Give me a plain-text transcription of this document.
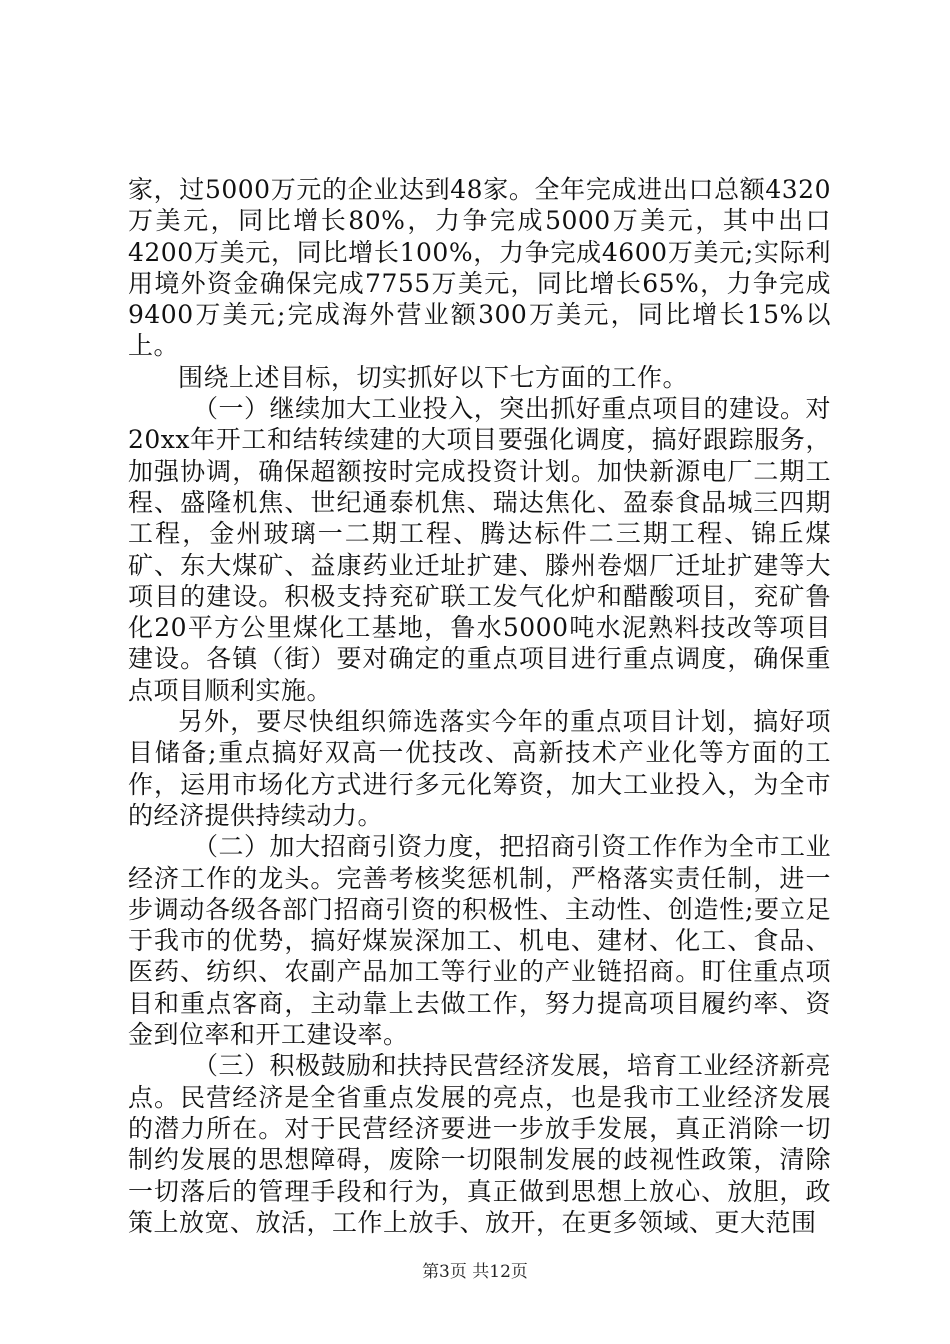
家，过5000万元的企业达到48家。全年完成进出口总额4320万美元，同比增长80%，力争完成5000万美元，其中出口4200万美元，同比增长100%，力争完成4600万美元;实际利用境外资金确保完成7755万美元，同比增长65%，力争完成9400万美元;完成海外营业额300万美元，同比增长15%以上。

围绕上述目标，切实抓好以下七方面的工作。

（一）继续加大工业投入，突出抓好重点项目的建设。对20xx年开工和结转续建的大项目要强化调度，搞好跟踪服务，加强协调，确保超额按时完成投资计划。加快新源电厂二期工程、盛隆机焦、世纪通泰机焦、瑞达焦化、盈泰食品城三四期工程，金州玻璃一二期工程、腾达标件二三期工程、锦丘煤矿、东大煤矿、益康药业迁址扩建、滕州卷烟厂迁址扩建等大项目的建设。积极支持兖矿联工发气化炉和醋酸项目，兖矿鲁化20平方公里煤化工基地，鲁水5000吨水泥熟料技改等项目建设。各镇（街）要对确定的重点项目进行重点调度，确保重点项目顺利实施。

另外，要尽快组织筛选落实今年的重点项目计划，搞好项目储备;重点搞好双高一优技改、高新技术产业化等方面的工作，运用市场化方式进行多元化筹资，加大工业投入，为全市的经济提供持续动力。

（二）加大招商引资力度，把招商引资工作作为全市工业经济工作的龙头。完善考核奖惩机制，严格落实责任制，进一步调动各级各部门招商引资的积极性、主动性、创造性;要立足于我市的优势，搞好煤炭深加工、机电、建材、化工、食品、医药、纺织、农副产品加工等行业的产业链招商。盯住重点项目和重点客商，主动靠上去做工作，努力提高项目履约率、资金到位率和开工建设率。

（三）积极鼓励和扶持民营经济发展，培育工业经济新亮点。民营经济是全省重点发展的亮点，也是我市工业经济发展的潜力所在。对于民营经济要进一步放手发展，真正消除一切制约发展的思想障碍，废除一切限制发展的歧视性政策，清除一切落后的管理手段和行为，真正做到思想上放心、放胆，政策上放宽、放活，工作上放手、放开，在更多领域、更大范围

第3页 共12页
